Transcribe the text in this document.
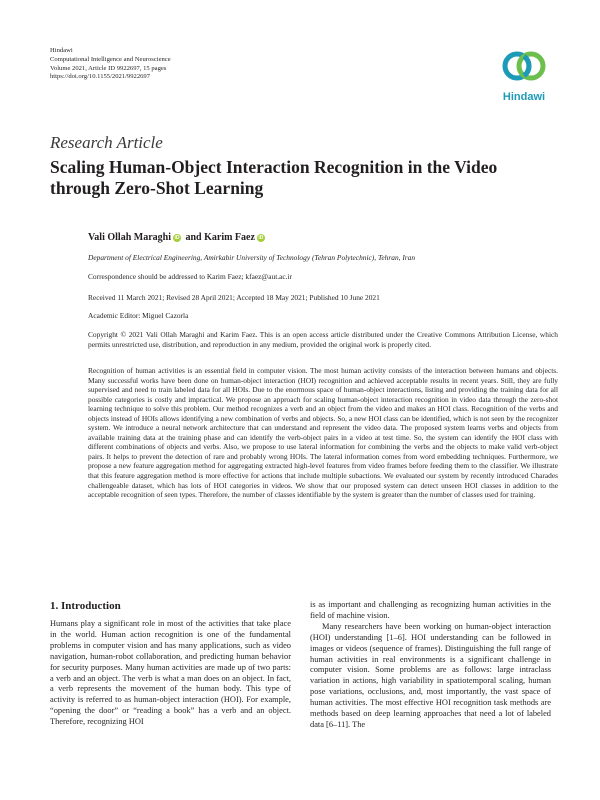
Hindawi
Computational Intelligence and Neuroscience
Volume 2021, Article ID 9922697, 15 pages
https://doi.org/10.1155/2021/9922697
Hindawi
Research Article
Scaling Human-Object Interaction Recognition in the Video through Zero-Shot Learning
Vali Ollah Maraghi iD and Karim Faez iD
Department of Electrical Engineering, Amirkabir University of Technology (Tehran Polytechnic), Tehran, Iran
Correspondence should be addressed to Karim Faez; kfaez@aut.ac.ir
Received 11 March 2021; Revised 28 April 2021; Accepted 18 May 2021; Published 10 June 2021
Academic Editor: Miguel Cazorla
Copyright © 2021 Vali Ollah Maraghi and Karim Faez. This is an open access article distributed under the Creative Commons Attribution License, which permits unrestricted use, distribution, and reproduction in any medium, provided the original work is properly cited.
Recognition of human activities is an essential field in computer vision. The most human activity consists of the interaction between humans and objects. Many successful works have been done on human-object interaction (HOI) recognition and achieved acceptable results in recent years. Still, they are fully supervised and need to train labeled data for all HOIs. Due to the enormous space of human-object interactions, listing and providing the training data for all possible categories is costly and impractical. We propose an approach for scaling human-object interaction recognition in video data through the zero-shot learning technique to solve this problem. Our method recognizes a verb and an object from the video and makes an HOI class. Recognition of the verbs and objects instead of HOIs allows identifying a new combination of verbs and objects. So, a new HOI class can be identified, which is not seen by the recognizer system. We introduce a neural network architecture that can understand and represent the video data. The proposed system learns verbs and objects from available training data at the training phase and can identify the verb-object pairs in a video at test time. So, the system can identify the HOI class with different combinations of objects and verbs. Also, we propose to use lateral information for combining the verbs and the objects to make valid verb-object pairs. It helps to prevent the detection of rare and probably wrong HOIs. The lateral information comes from word embedding techniques. Furthermore, we propose a new feature aggregation method for aggregating extracted high-level features from video frames before feeding them to the classifier. We illustrate that this feature aggregation method is more effective for actions that include multiple subactions. We evaluated our system by recently introduced Charades challengeable dataset, which has lots of HOI categories in videos. We show that our proposed system can detect unseen HOI classes in addition to the acceptable recognition of seen types. Therefore, the number of classes identifiable by the system is greater than the number of classes used for training.
1. Introduction

Humans play a significant role in most of the activities that take place in the world. Human action recognition is one of the fundamental problems in computer vision and has many applications, such as video navigation, human-robot collaboration, and predicting human behavior for security purposes. Many human activities are made up of two parts: a verb and an object. The verb is what a man does on an object. In fact, a verb represents the movement of the human body. This type of activity is referred to as human-object interaction (HOI). For example, “opening the door” or “reading a book” has a verb and an object. Therefore, recognizing HOI

is as important and challenging as recognizing human activities in the field of machine vision.

Many researchers have been working on human-object interaction (HOI) understanding [1–6]. HOI understanding can be followed in images or videos (sequence of frames). Distinguishing the full range of human activities in real environments is a significant challenge in computer vision. Some problems are as follows: large intraclass variation in actions, high variability in spatiotemporal scaling, human pose variations, occlusions, and, most importantly, the vast space of human activities. The most effective HOI recognition task methods are methods based on deep learning approaches that need a lot of labeled data [6–11]. The
